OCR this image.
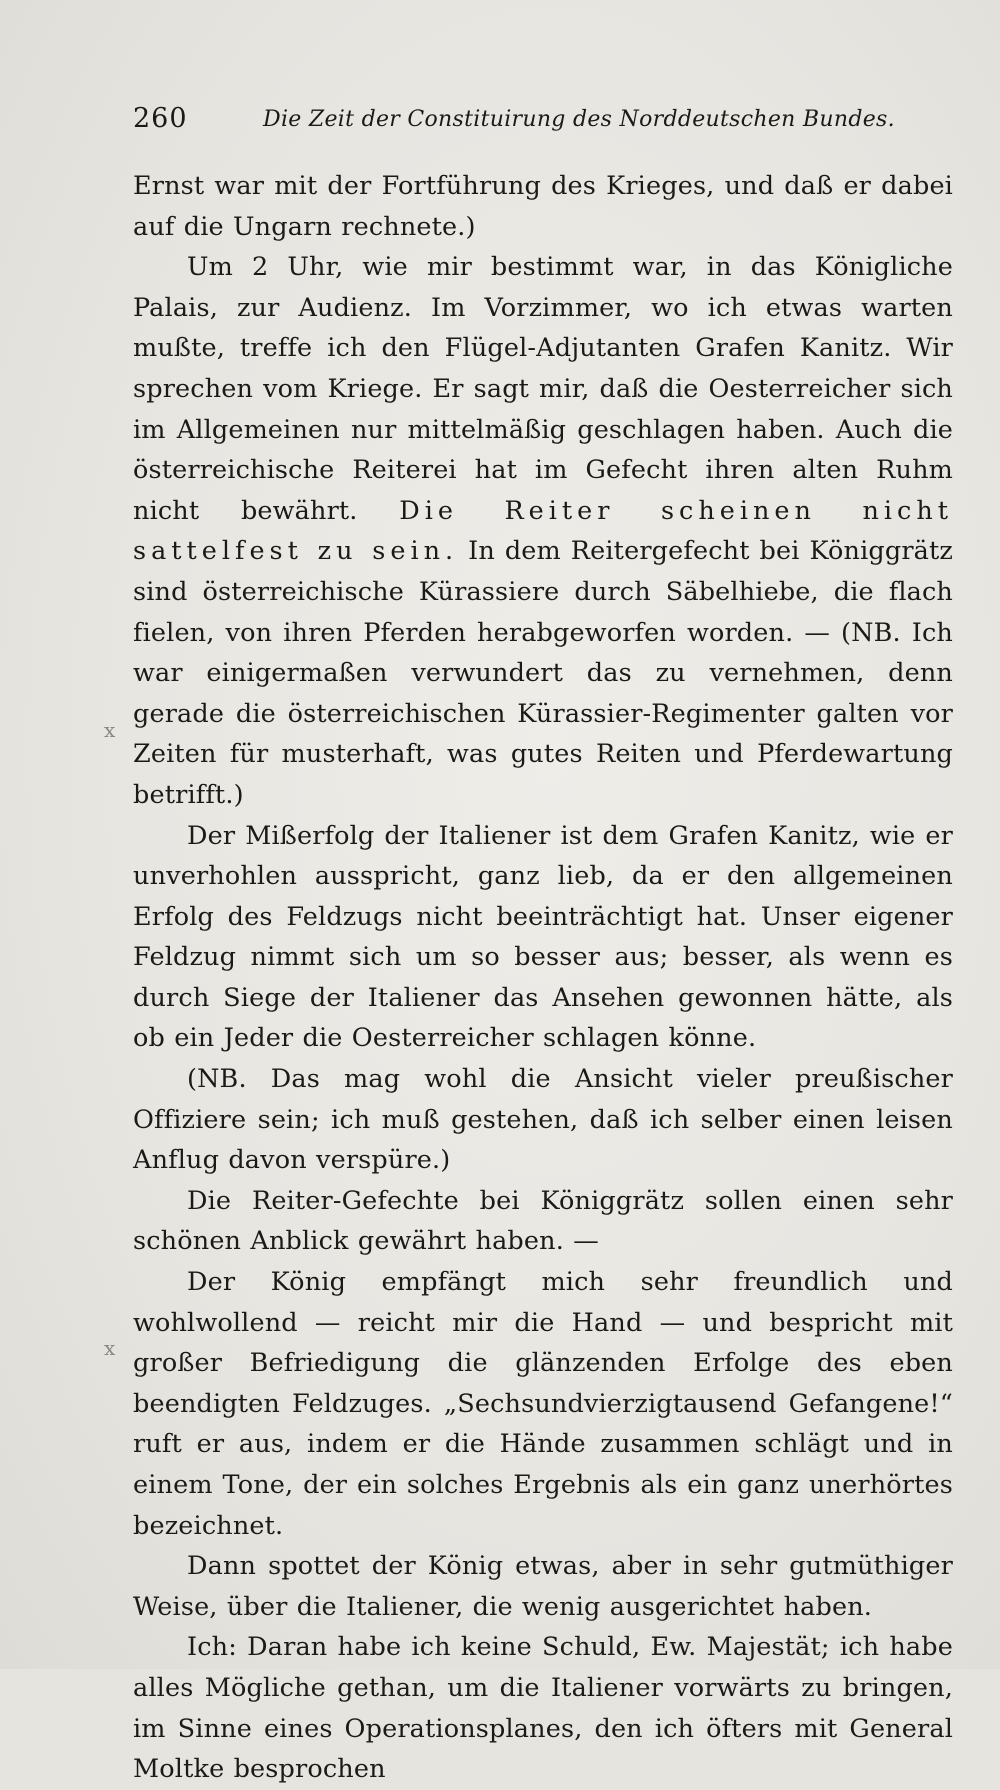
260	Die Zeit der Constituirung des Norddeutschen Bundes.
x
x

Ernst war mit der Fortführung des Krieges, und daß er dabei auf die Ungarn rechnete.)

Um 2 Uhr, wie mir bestimmt war, in das Königliche Palais, zur Audienz. Im Vorzimmer, wo ich etwas warten mußte, treffe ich den Flügel-Adjutanten Grafen Kanitz. Wir sprechen vom Kriege. Er sagt mir, daß die Oesterreicher sich im Allgemeinen nur mittelmäßig geschlagen haben. Auch die österreichische Reiterei hat im Gefecht ihren alten Ruhm nicht bewährt. Die Reiter scheinen nicht sattelfest zu sein. In dem Reitergefecht bei Königgrätz sind österreichische Kürassiere durch Säbelhiebe, die flach fielen, von ihren Pferden herabgeworfen worden. — (NB. Ich war einigermaßen verwundert das zu vernehmen, denn gerade die österreichischen Kürassier-Regimenter galten vor Zeiten für musterhaft, was gutes Reiten und Pferdewartung betrifft.)

Der Mißerfolg der Italiener ist dem Grafen Kanitz, wie er unverhohlen ausspricht, ganz lieb, da er den allgemeinen Erfolg des Feldzugs nicht beeinträchtigt hat. Unser eigener Feldzug nimmt sich um so besser aus; besser, als wenn es durch Siege der Italiener das Ansehen gewonnen hätte, als ob ein Jeder die Oesterreicher schlagen könne.

(NB. Das mag wohl die Ansicht vieler preußischer Offiziere sein; ich muß gestehen, daß ich selber einen leisen Anflug davon verspüre.)

Die Reiter-Gefechte bei Königgrätz sollen einen sehr schönen Anblick gewährt haben. —

Der König empfängt mich sehr freundlich und wohlwollend — reicht mir die Hand — und bespricht mit großer Befriedigung die glänzenden Erfolge des eben beendigten Feldzuges. „Sechsundvierzigtausend Gefangene!“ ruft er aus, indem er die Hände zusammen schlägt und in einem Tone, der ein solches Ergebnis als ein ganz unerhörtes bezeichnet.

Dann spottet der König etwas, aber in sehr gutmüthiger Weise, über die Italiener, die wenig ausgerichtet haben.

Ich: Daran habe ich keine Schuld, Ew. Majestät; ich habe alles Mögliche gethan, um die Italiener vorwärts zu bringen, im Sinne eines Operationsplanes, den ich öfters mit General Moltke besprochen
